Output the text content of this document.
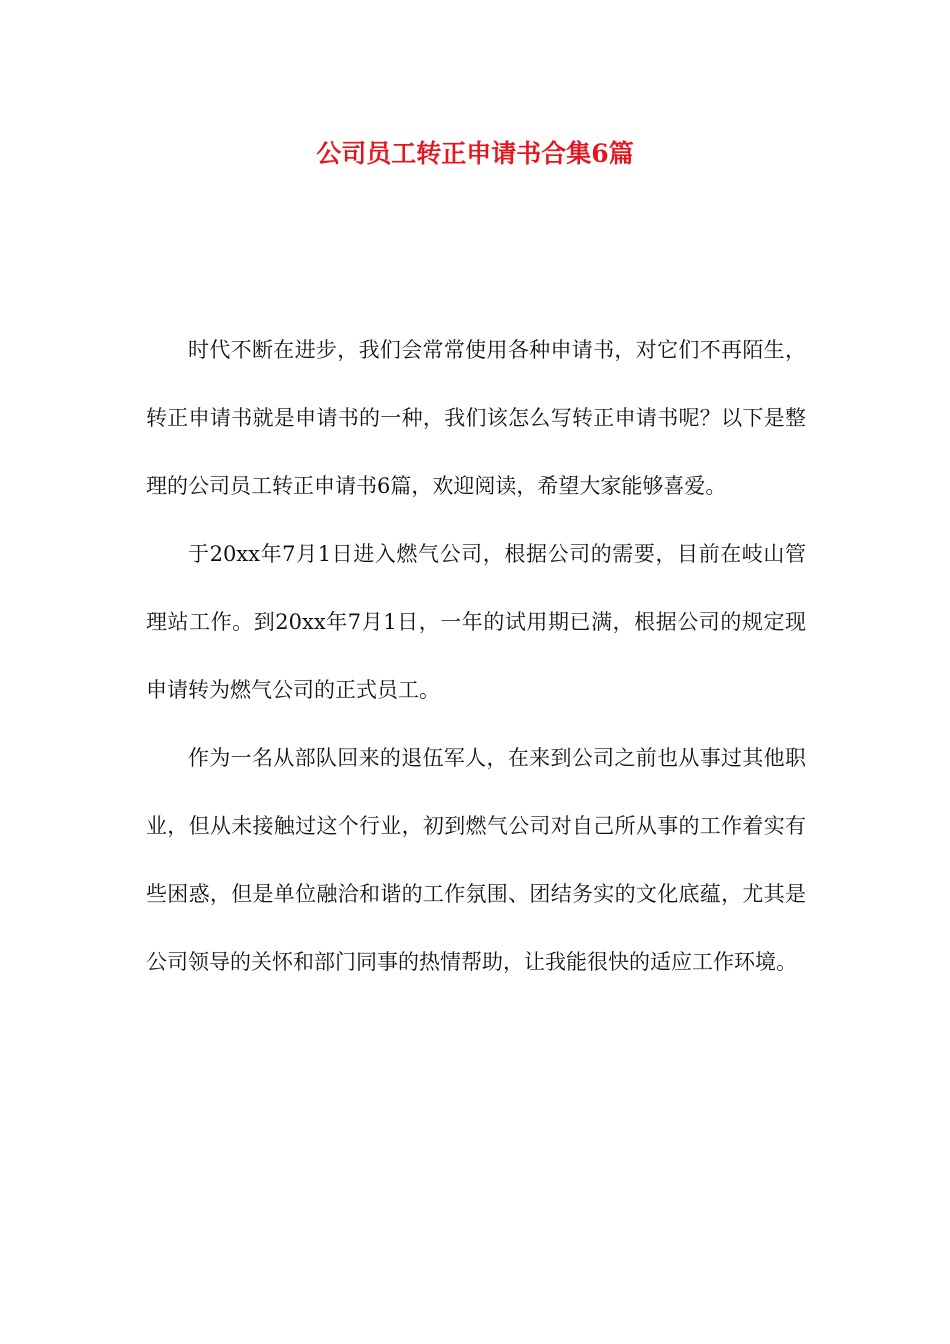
公司员工转正申请书合集6篇

时代不断在进步，我们会常常使用各种申请书，对它们不再陌生，转正申请书就是申请书的一种，我们该怎么写转正申请书呢？以下是整理的公司员工转正申请书6篇，欢迎阅读，希望大家能够喜爱。

于20xx年7月1日进入燃气公司，根据公司的需要，目前在岐山管理站工作。到20xx年7月1日，一年的试用期已满，根据公司的规定现申请转为燃气公司的正式员工。

作为一名从部队回来的退伍军人，在来到公司之前也从事过其他职业，但从未接触过这个行业，初到燃气公司对自己所从事的工作着实有些困惑，但是单位融洽和谐的工作氛围、团结务实的文化底蕴，尤其是公司领导的关怀和部门同事的热情帮助，让我能很快的适应工作环境。
